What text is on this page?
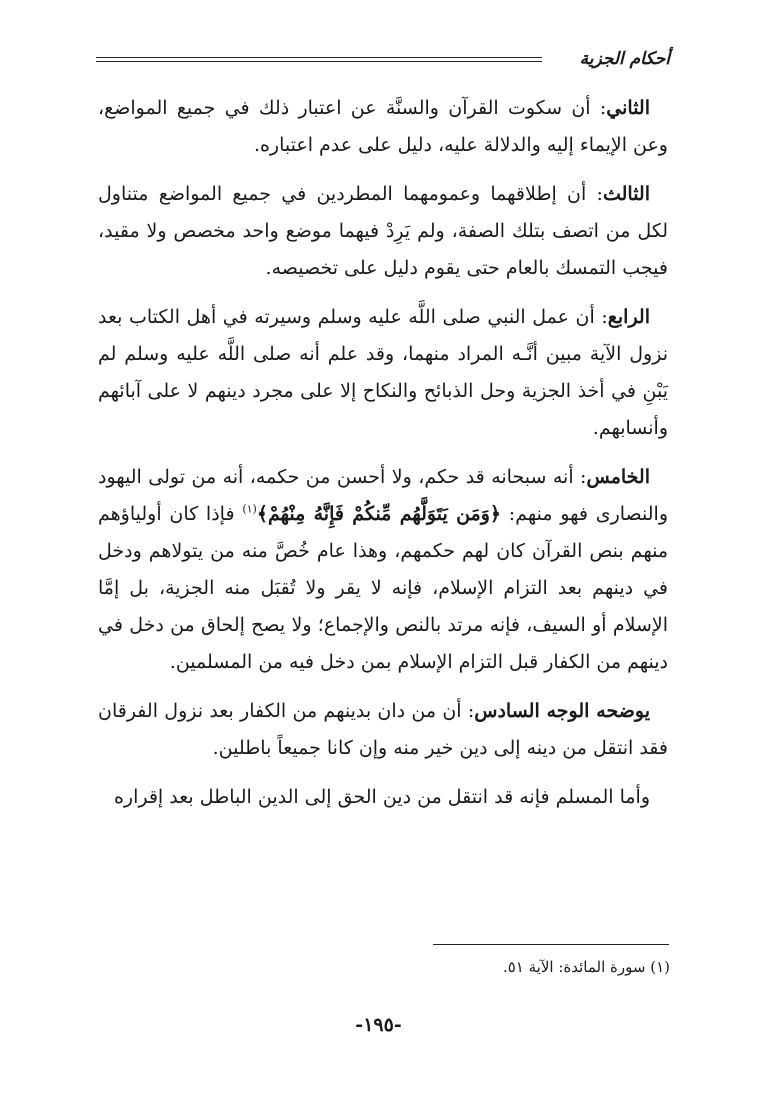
أحكام الجزية

الثاني: أن سكوت القرآن والسنَّة عن اعتبار ذلك في جميع المواضع، وعن الإيماء إليه والدلالة عليه، دليل على عدم اعتباره.

الثالث: أن إطلاقهما وعمومهما المطردين في جميع المواضع متناول لكل من اتصف بتلك الصفة، ولم يَرِدْ فيهما موضع واحد مخصص ولا مقيد، فيجب التمسك بالعام حتى يقوم دليل على تخصيصه.

الرابع: أن عمل النبي صلى اللَّه عليه وسلم وسيرته في أهل الكتاب بعد نزول الآية مبين أنَّـه المراد منهما، وقد علم أنه صلى اللَّه عليه وسلم لم يَبْنِ في أخذ الجزية وحل الذبائح والنكاح إلا على مجرد دينهم لا على آبائهم وأنسابهم.

الخامس: أنه سبحانه قد حكم، ولا أحسن من حكمه، أنه من تولى اليهود والنصارى فهو منهم: ﴿وَمَن يَتَوَلَّهُم مِّنكُمْ فَإِنَّهُ مِنْهُمْ﴾$^{(١)}$ فإذا كان أولياؤهم منهم بنص القرآن كان لهم حكمهم، وهذا عام خُصَّ منه من يتولاهم ودخل في دينهم بعد التزام الإسلام، فإنه لا يقر ولا تُقبَل منه الجزية، بل إمَّا الإسلام أو السيف، فإنه مرتد بالنص والإجماع؛ ولا يصح إلحاق من دخل في دينهم من الكفار قبل التزام الإسلام بمن دخل فيه من المسلمين.

يوضحه الوجه السادس: أن من دان بدينهم من الكفار بعد نزول الفرقان فقد انتقل من دينه إلى دين خير منه وإن كانا جميعاً باطلين.

وأما المسلم فإنه قد انتقل من دين الحق إلى الدين الباطل بعد إقراره

(١) سورة المائدة: الآية ٥١.
-١٩٥-
